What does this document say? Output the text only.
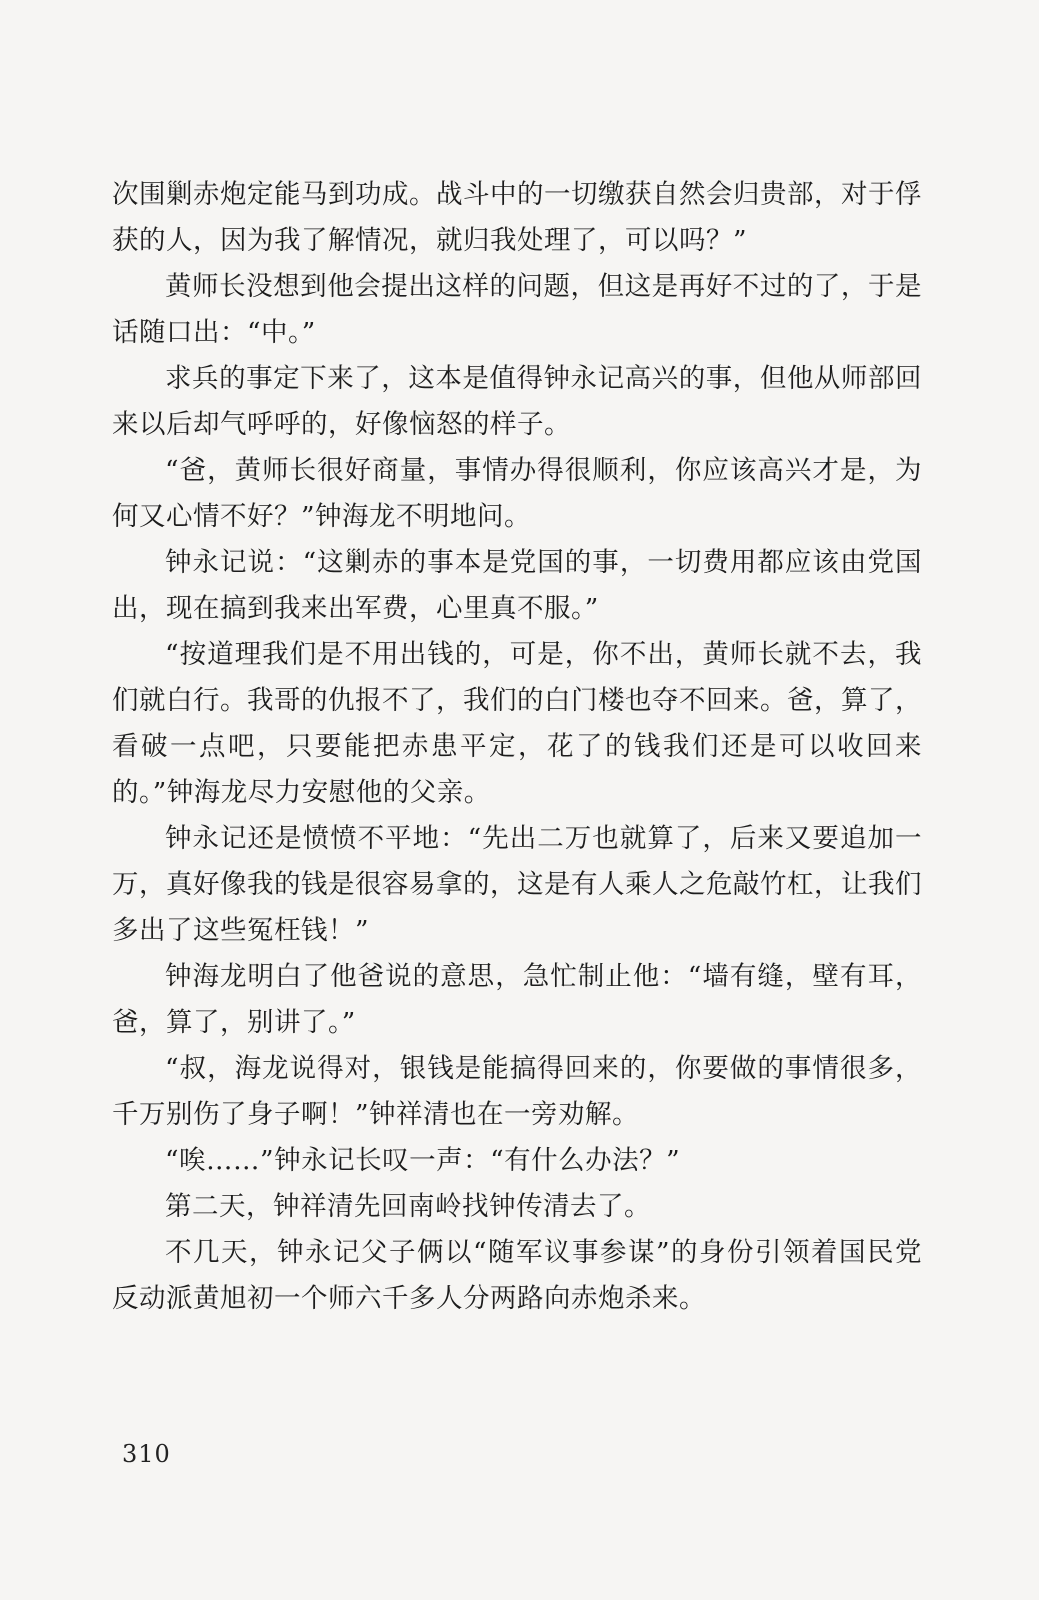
次围剿赤炮定能马到功成。战斗中的一切缴获自然会归贵部，对于俘获的人，因为我了解情况，就归我处理了，可以吗？”

黄师长没想到他会提出这样的问题，但这是再好不过的了，于是话随口出：“中。”

求兵的事定下来了，这本是值得钟永记高兴的事，但他从师部回来以后却气呼呼的，好像恼怒的样子。

“爸，黄师长很好商量，事情办得很顺利，你应该高兴才是，为何又心情不好？”钟海龙不明地问。

钟永记说：“这剿赤的事本是党国的事，一切费用都应该由党国出，现在搞到我来出军费，心里真不服。”

“按道理我们是不用出钱的，可是，你不出，黄师长就不去，我们就白行。我哥的仇报不了，我们的白门楼也夺不回来。爸，算了，看破一点吧，只要能把赤患平定，花了的钱我们还是可以收回来的。”钟海龙尽力安慰他的父亲。

钟永记还是愤愤不平地：“先出二万也就算了，后来又要追加一万，真好像我的钱是很容易拿的，这是有人乘人之危敲竹杠，让我们多出了这些冤枉钱！”

钟海龙明白了他爸说的意思，急忙制止他：“墙有缝，壁有耳，爸，算了，别讲了。”

“叔，海龙说得对，银钱是能搞得回来的，你要做的事情很多，千万别伤了身子啊！”钟祥清也在一旁劝解。

“唉……”钟永记长叹一声：“有什么办法？”

第二天，钟祥清先回南岭找钟传清去了。

不几天，钟永记父子俩以“随军议事参谋”的身份引领着国民党反动派黄旭初一个师六千多人分两路向赤炮杀来。

310
